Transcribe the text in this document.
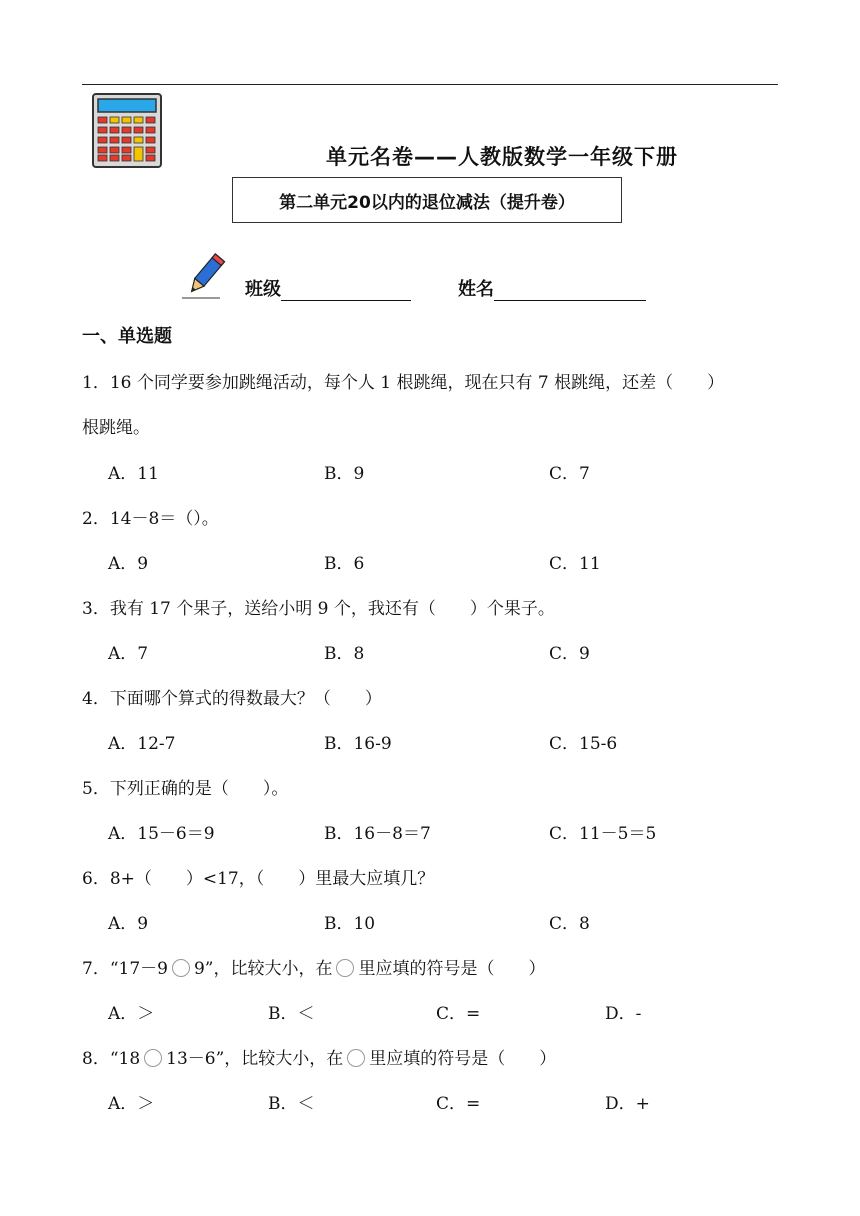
单元名卷——人教版数学一年级下册
第二单元20以内的退位减法（提升卷）
班级	姓名
一、单选题
1．16 个同学要参加跳绳活动，每个人 1 根跳绳，现在只有 7 根跳绳，还差（　　）
根跳绳。
A．11	B．9	C．7
2．14－8＝（）。
A．9	B．6	C．11
3．我有 17 个果子，送给小明 9 个，我还有（　　）个果子。
A．7	B．8	C．9
4．下面哪个算式的得数最大？（　　）
A．12-7	B．16-9	C．15-6
5．下列正确的是（　　）。
A．15－6＝9	B．16－8＝7	C．11－5＝5
6．8+（　　）<17，（　　）里最大应填几？
A．9	B．10	C．8
7．“17－9 9”，比较大小，在 里应填的符号是（　　）
A．＞	B．＜	C．=	D．-
8．“18 13－6”，比较大小，在 里应填的符号是（　　）
A．＞	B．＜	C．=	D．+
